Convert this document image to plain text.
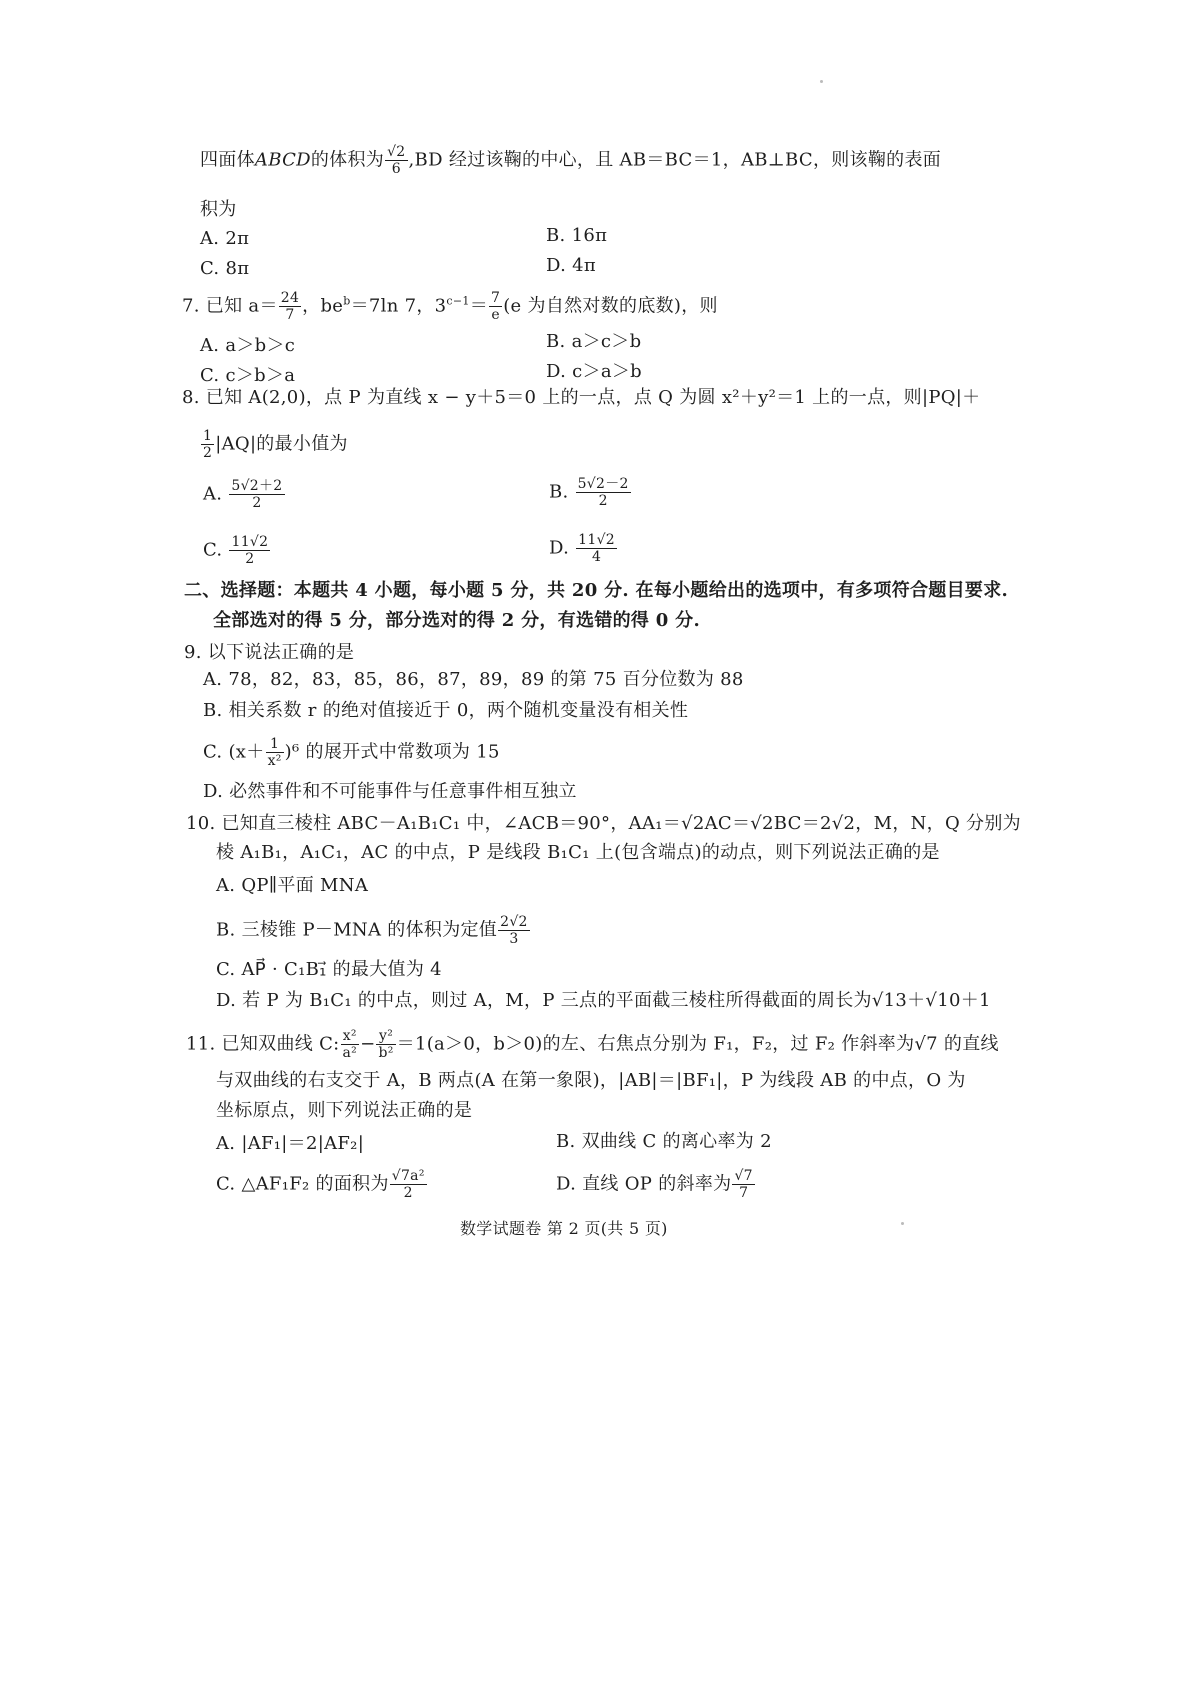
四面体ABCD的体积为 $\frac{√2}{6} ,BD$ 经过该鞠的中心，且 AB＝BC＝1，AB⊥BC，则该鞠的表面
积为
A. 2π	B. 16π
C. 8π	D. 4π
7. 已知 $a= \frac{24}{7}$ ，$be^b=7\ln$ 7，$3^{c-1}= \frac{7}{e} (e$ 为自然对数的底数)，则
A. a＞b＞c	B. a＞c＞b
C. c＞b＞a	D. c＞a＞b
8. 已知 A(2,0)，点 P 为直线 x − y＋5＝0 上的一点，点 Q 为圆 x²＋y²＝1 上的一点，则|PQ|＋
$\frac{1}{2} |AQ|$的最小值为
A. $\frac{5√2+2}{2}$	B. $\frac{5√2-2}{2}$
C. $\frac{11√2}{2}$	D. $\frac{11√2}{4}$
二、选择题：本题共 4 小题，每小题 5 分，共 20 分. 在每小题给出的选项中，有多项符合题目要求.
全部选对的得 5 分，部分选对的得 2 分，有选错的得 0 分.
9. 以下说法正确的是
A. 78，82，83，85，86，87，89，89 的第 75 百分位数为 88
B. 相关系数 r 的绝对值接近于 0，两个随机变量没有相关性
C. $(x+ \frac{1}{\text{x²}} )^6$ 的展开式中常数项为 15
D. 必然事件和不可能事件与任意事件相互独立
10. 已知直三棱柱 ABC－A₁B₁C₁ 中，∠ACB＝90°，AA₁＝√2AC＝√2BC＝2√2，M，N，Q 分别为
棱 A₁B₁，A₁C₁，AC 的中点，P 是线段 B₁C₁ 上(包含端点)的动点，则下列说法正确的是
A. QP∥平面 MNA
B. 三棱锥 P－MNA 的体积为定值 $\frac{2√2}{3}$
C. AP⃗ · C₁B₁⃗ 的最大值为 4
D. 若 P 为 B₁C₁ 的中点，则过 A，M，P 三点的平面截三棱柱所得截面的周长为√13＋√10＋1
11. 已知双曲线 C: $\frac{\text{x²}}{\text{a²}} - \frac{\text{y²}}{\text{b²}} =1(a>0$，b＞0)的左、右焦点分别为 F₁，F₂，过 F₂ 作斜率为√7 的直线
与双曲线的右支交于 A，B 两点(A 在第一象限)，|AB|＝|BF₁|，P 为线段 AB 的中点，O 为
坐标原点，则下列说法正确的是
A. |AF₁|＝2|AF₂|	B. 双曲线 C 的离心率为 2
C. △AF₁F₂ 的面积为 $\frac{\text{√7a²}}{2}$	D. 直线 OP 的斜率为 $\frac{√7}{7}$
数学试题卷 第 2 页(共 5 页)
